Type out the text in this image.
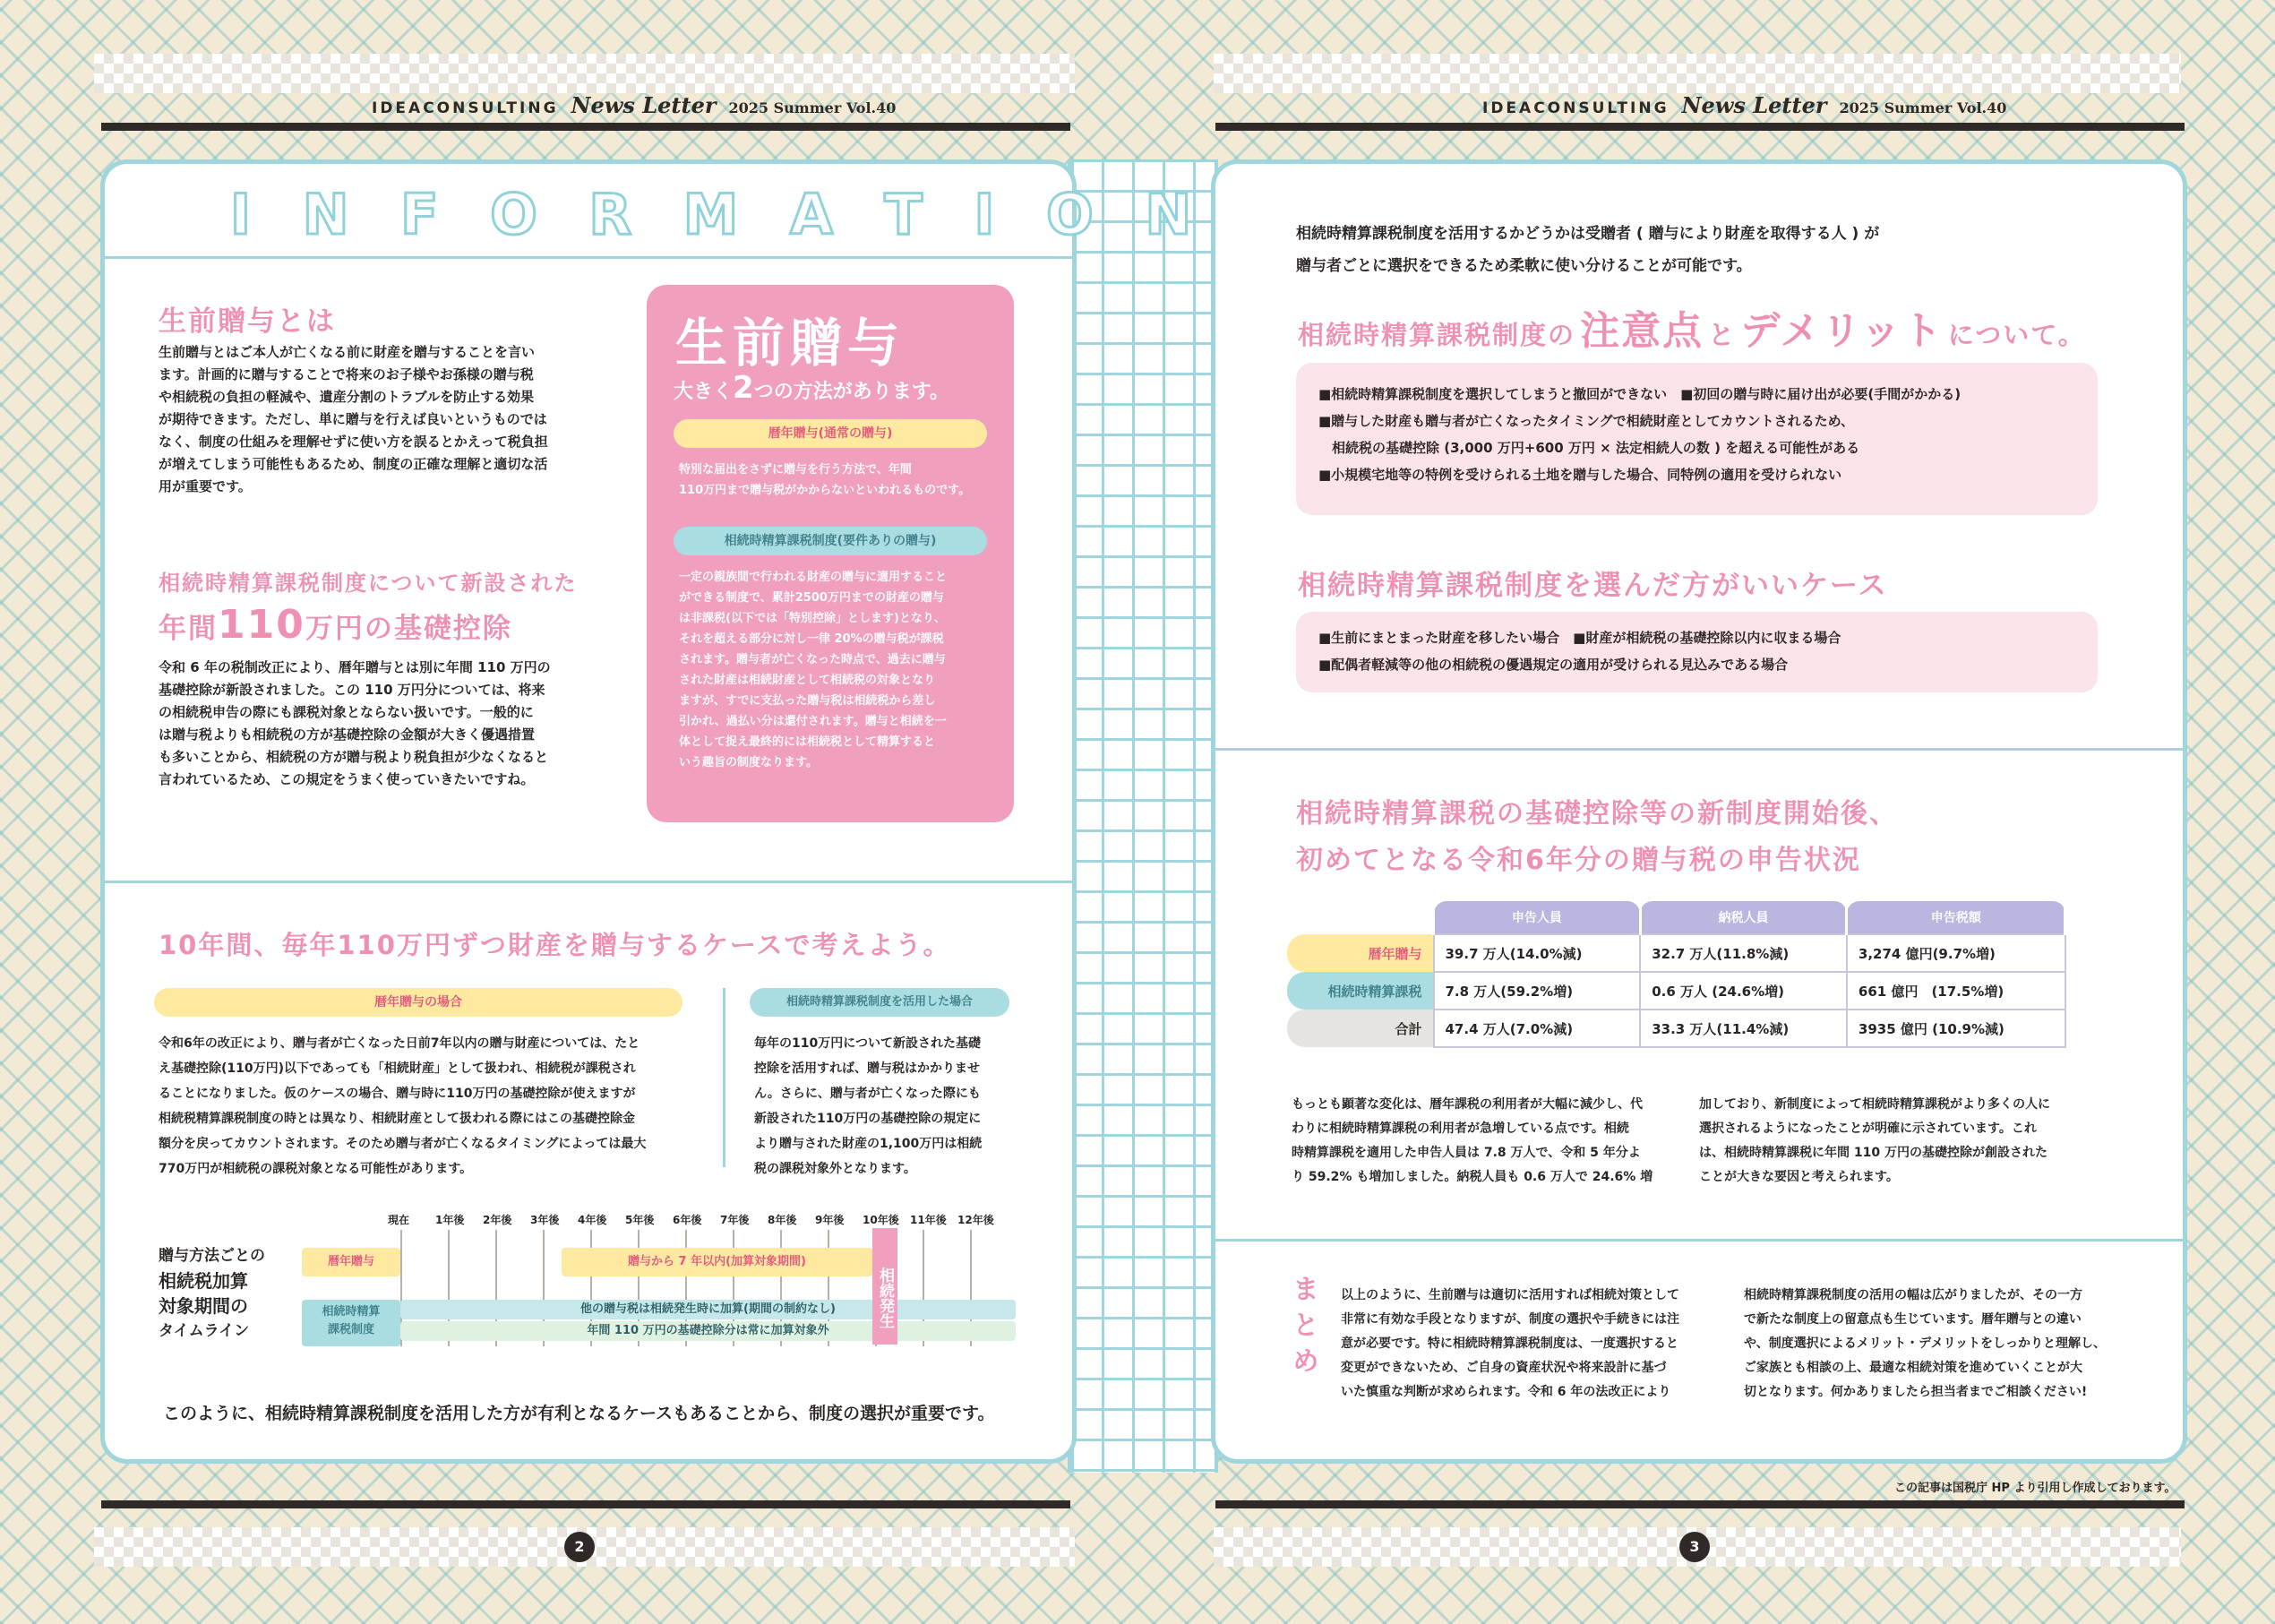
IDEACONSULTING News Letter 2025 Summer Vol.40	IDEACONSULTING News Letter 2025 Summer Vol.40
I N F O R M A T I O N
生前贈与とは

生前贈与とはご本人が亡くなる前に財産を贈与することを言い

ます。計画的に贈与することで将来のお子様やお孫様の贈与税

や相続税の負担の軽減や、遺産分割のトラブルを防止する効果

が期待できます。ただし、単に贈与を行えば良いというものでは

なく、制度の仕組みを理解せずに使い方を誤るとかえって税負担

が増えてしまう可能性もあるため、制度の正確な理解と適切な活

用が重要です。

相続時精算課税制度について新設された
年間110万円の基礎控除

令和 6 年の税制改正により、暦年贈与とは別に年間 110 万円の

基礎控除が新設されました。この 110 万円分については、将来

の相続税申告の際にも課税対象とならない扱いです。一般的に

は贈与税よりも相続税の方が基礎控除の金額が大きく優遇措置

も多いことから、相続税の方が贈与税より税負担が少なくなると

言われているため、この規定をうまく使っていきたいですね。

生前贈与
大きく2つの方法があります。
暦年贈与(通常の贈与)
特別な届出をさずに贈与を行う方法で、年間
110万円まで贈与税がかからないといわれるものです。
相続時精算課税制度(要件ありの贈与)
一定の親族間で行われる財産の贈与に適用すること
ができる制度で、累計2500万円までの財産の贈与
は非課税(以下では「特別控除」とします)となり、
それを超える部分に対し一律 20%の贈与税が課税
されます。贈与者が亡くなった時点で、過去に贈与
された財産は相続財産として相続税の対象となり
ますが、すでに支払った贈与税は相続税から差し
引かれ、過払い分は還付されます。贈与と相続を一
体として捉え最終的には相続税として精算すると
いう趣旨の制度なります。
10年間、毎年110万円ずつ財産を贈与するケースで考えよう。
暦年贈与の場合

令和6年の改正により、贈与者が亡くなった日前7年以内の贈与財産については、たと

え基礎控除(110万円)以下であっても「相続財産」として扱われ、相続税が課税され

ることになりました。仮のケースの場合、贈与時に110万円の基礎控除が使えますが

相続税精算課税制度の時とは異なり、相続財産として扱われる際にはこの基礎控除金

額分を戻ってカウントされます。そのため贈与者が亡くなるタイミングによっては最大

770万円が相続税の課税対象となる可能性があります。

相続時精算課税制度を活用した場合

毎年の110万円について新設された基礎

控除を活用すれば、贈与税はかかりませ

ん。さらに、贈与者が亡くなった際にも

新設された110万円の基礎控除の規定に

より贈与された財産の1,100万円は相続

税の課税対象外となります。

贈与方法ごとの
相続税加算
対象期間の
タイムライン
暦年贈与	贈与から 7 年以内(加算対象期間)
相続時精算
課税制度
他の贈与税は相続発生時に加算(期間の制約なし)
年間 110 万円の基礎控除分は常に加算対象外
相続発生
現在 1年後 2年後 3年後 4年後 5年後 6年後 7年後 8年後 9年後 10年後 11年後 12年後
このように、相続時精算課税制度を活用した方が有利となるケースもあることから、制度の選択が重要です。
相続時精算課税制度を活用するかどうかは受贈者 ( 贈与により財産を取得する人 ) が
贈与者ごとに選択をできるため柔軟に使い分けることが可能です。
相続時精算課税制度の 注意点 と デメリット について。
■相続時精算課税制度を選択してしまうと撤回ができない　■初回の贈与時に届け出が必要(手間がかかる)
■贈与した財産も贈与者が亡くなったタイミングで相続財産としてカウントされるため、
　相続税の基礎控除 (3,000 万円+600 万円 × 法定相続人の数 ) を超える可能性がある
■小規模宅地等の特例を受けられる土地を贈与した場合、同特例の適用を受けられない
相続時精算課税制度を選んだ方がいいケース
■生前にまとまった財産を移したい場合　■財産が相続税の基礎控除以内に収まる場合
■配偶者軽減等の他の相続税の優遇規定の適用が受けられる見込みである場合
相続時精算課税の基礎控除等の新制度開始後、
初めてとなる令和6年分の贈与税の申告状況
	申告人員	納税人員	申告税額
暦年贈与	39.7 万人(14.0%減)	32.7 万人(11.8%減)	3,274 億円(9.7%増)
相続時精算課税	7.8 万人(59.2%増)	0.6 万人 (24.6%増)	661 億円　(17.5%増)
合計	47.4 万人(7.0%減)	33.3 万人(11.4%減)	3935 億円 (10.9%減)

もっとも顕著な変化は、暦年課税の利用者が大幅に減少し、代

わりに相続時精算課税の利用者が急増している点です。相続

時精算課税を適用した申告人員は 7.8 万人で、令和 5 年分よ

り 59.2% も増加しました。納税人員も 0.6 万人で 24.6% 増

加しており、新制度によって相続時精算課税がより多くの人に

選択されるようになったことが明確に示されています。これ

は、相続時精算課税に年間 110 万円の基礎控除が創設された

ことが大きな要因と考えられます。

まとめ 以上のように、生前贈与は適切に活用すれば相続対策として

非常に有効な手段となりますが、制度の選択や手続きには注

意が必要です。特に相続時精算課税制度は、一度選択すると

変更ができないため、ご自身の資産状況や将来設計に基づ

いた慎重な判断が求められます。令和 6 年の法改正により

相続時精算課税制度の活用の幅は広がりましたが、その一方

で新たな制度上の留意点も生じています。暦年贈与との違い

や、制度選択によるメリット・デメリットをしっかりと理解し、

ご家族とも相談の上、最適な相続対策を進めていくことが大

切となります。何かありましたら担当者までご相談ください!

この記事は国税庁 HP より引用し作成しております。
2	3
